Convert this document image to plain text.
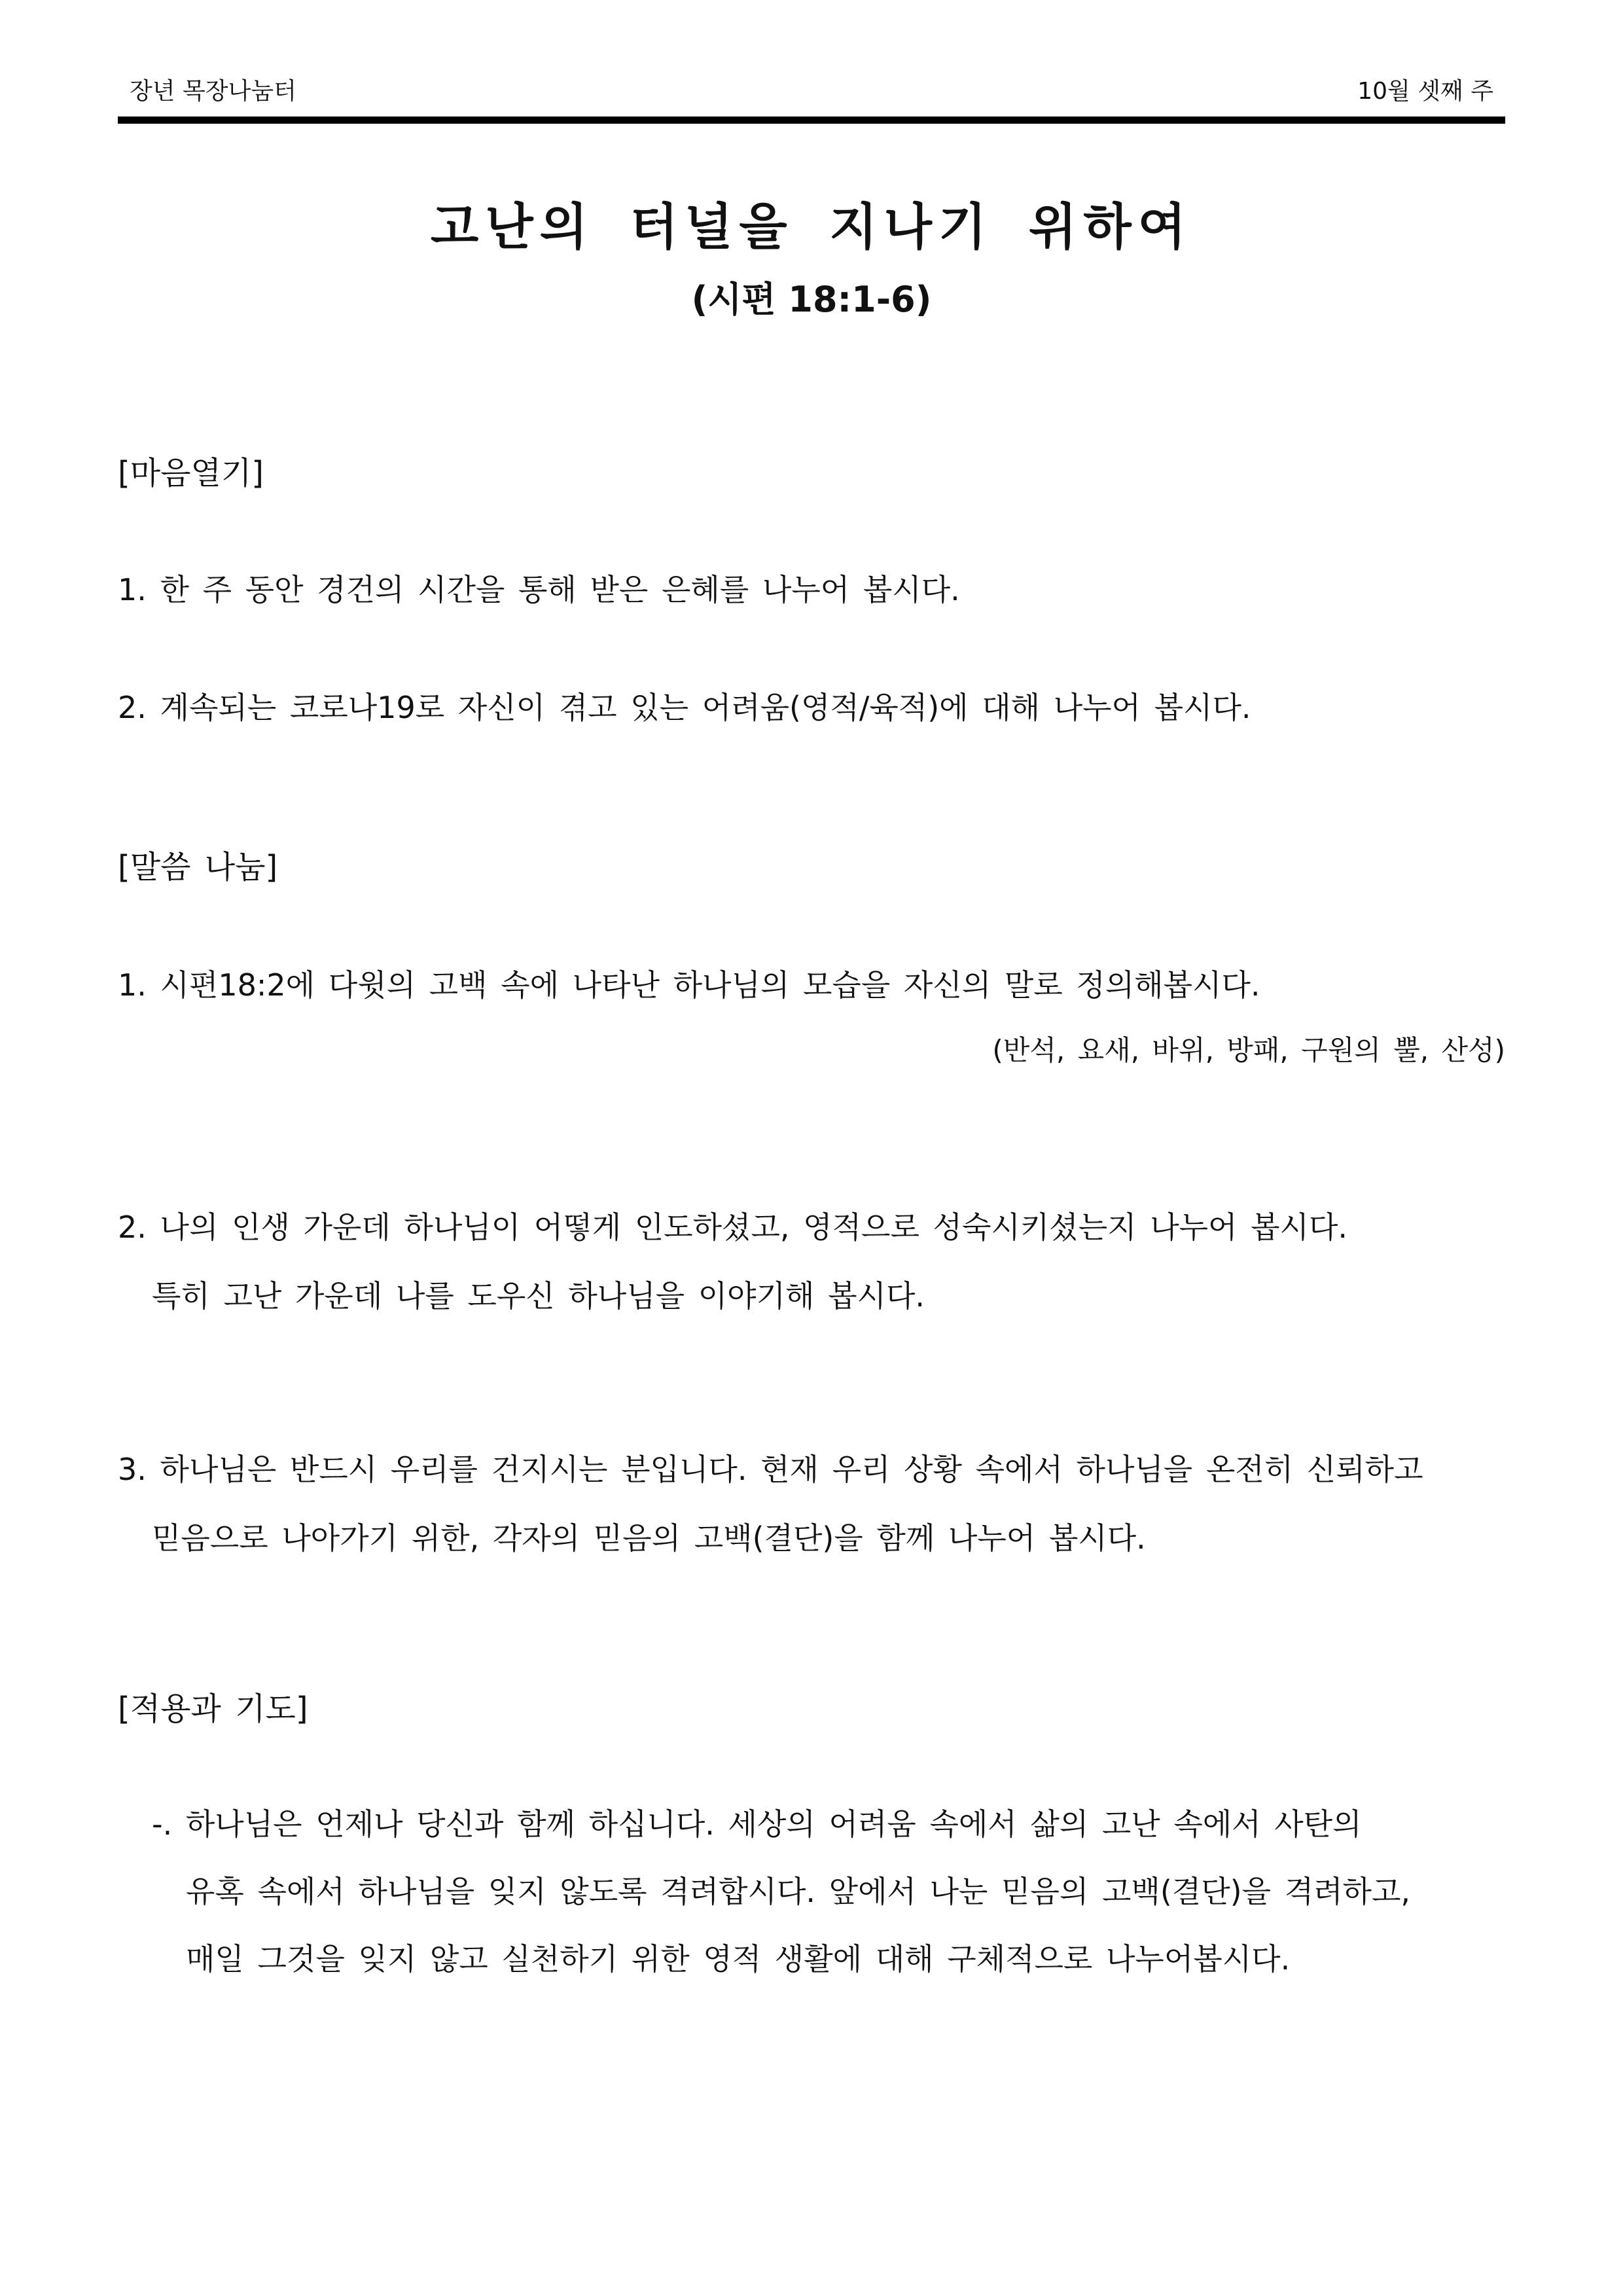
장년 목장나눔터	10월 셋째 주
고난의 터널을 지나기 위하여
(시편 18:1-6)
[마음열기]
1. 한 주 동안 경건의 시간을 통해 받은 은혜를 나누어 봅시다.
2. 계속되는 코로나19로 자신이 겪고 있는 어려움(영적/육적)에 대해 나누어 봅시다.
[말씀 나눔]
1. 시편18:2에 다윗의 고백 속에 나타난 하나님의 모습을 자신의 말로 정의해봅시다.
(반석, 요새, 바위, 방패, 구원의 뿔, 산성)
2. 나의 인생 가운데 하나님이 어떻게 인도하셨고, 영적으로 성숙시키셨는지 나누어 봅시다.
특히 고난 가운데 나를 도우신 하나님을 이야기해 봅시다.
3. 하나님은 반드시 우리를 건지시는 분입니다. 현재 우리 상황 속에서 하나님을 온전히 신뢰하고
믿음으로 나아가기 위한, 각자의 믿음의 고백(결단)을 함께 나누어 봅시다.
[적용과 기도]
-. 하나님은 언제나 당신과 함께 하십니다. 세상의 어려움 속에서 삶의 고난 속에서 사탄의
유혹 속에서 하나님을 잊지 않도록 격려합시다. 앞에서 나눈 믿음의 고백(결단)을 격려하고,
매일 그것을 잊지 않고 실천하기 위한 영적 생활에 대해 구체적으로 나누어봅시다.
